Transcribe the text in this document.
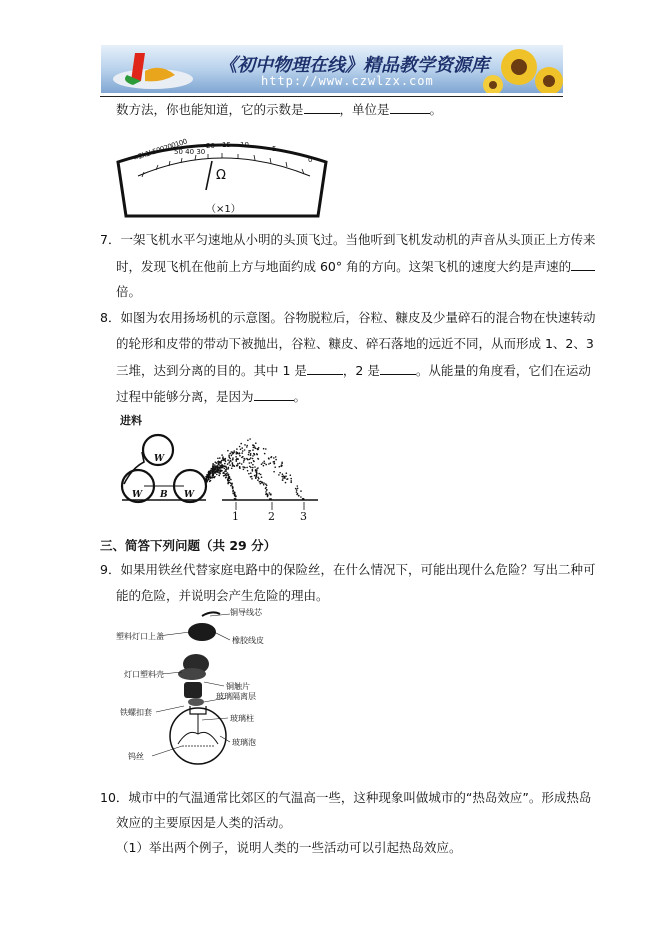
《初中物理在线》精品教学资源库
http://www.czwlzx.com
数方法，你也能知道，它的示数是	，单位是	。
∞2k1k500200100
50 40 30
20 15 10	5
0
Ω
（×1）
7．一架飞机水平匀速地从小明的头顶飞过。当他听到飞机发动机的声音从头顶正上方传来
时，发现飞机在他前上方与地面约成 60° 角的方向。这架飞机的速度大约是声速的
倍。
8．如图为农用扬场机的示意图。谷物脱粒后，谷粒、糠皮及少量碎石的混合物在快速转动
的轮形和皮带的带动下被抛出，谷粒、糠皮、碎石落地的远近不同，从而形成 1、2、3
三堆，达到分离的目的。其中 1 是	，2 是	。从能量的角度看，它们在运动
过程中能够分离，是因为	。
进料
W
W B W
1	2 3
三、简答下列问题（共 29 分）
9．如果用铁丝代替家庭电路中的保险丝，在什么情况下，可能出现什么危险？写出二种可
能的危险，并说明会产生危险的理由。
铜导线芯
塑料灯口上盖	橡胶线皮
灯口塑料壳
铜触片
玻璃隔离层
铁螺扣套
玻璃柱
玻璃泡
钨丝
10．城市中的气温通常比郊区的气温高一些，这种现象叫做城市的“热岛效应”。形成热岛
效应的主要原因是人类的活动。
（1）举出两个例子，说明人类的一些活动可以引起热岛效应。
